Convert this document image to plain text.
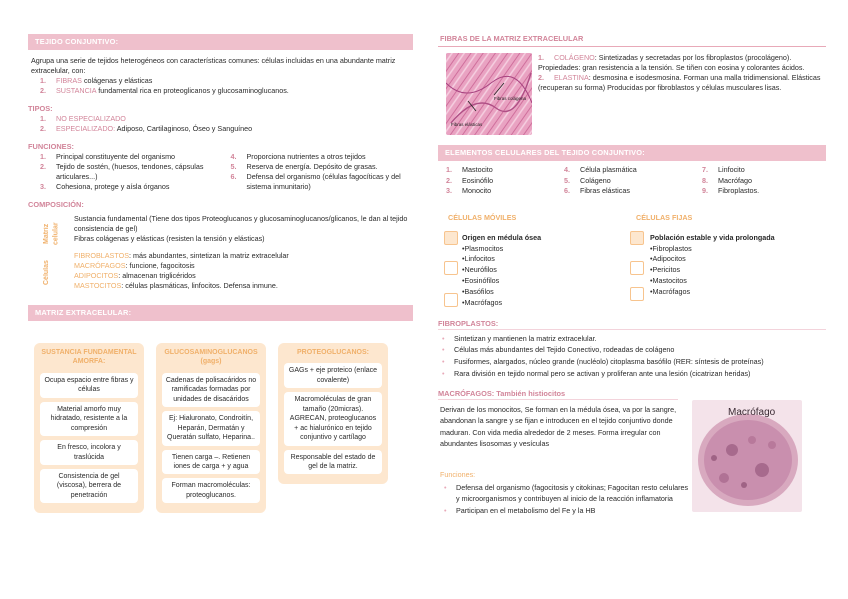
TEJIDO CONJUNTIVO:
Agrupa una serie de tejidos heterogéneos con características comunes: células incluidas en una abundante matriz extracelular, con:
1. FIBRAS colágenas y elásticas
2. SUSTANCIA fundamental rica en proteoglicanos y glucosaminoglucanos.
TIPOS:
1. NO ESPECIALIZADO
2. ESPECIALIZADO: Adiposo, Cartilaginoso, Óseo y Sanguíneo
FUNCIONES:
1.	Principal constituyente del organismo
2.	Tejido de sostén, (huesos, tendones, cápsulas articulares...)
3.	Cohesiona, protege y aísla órganos
4.	Proporciona nutrientes a otros tejidos
5.	Reserva de energía. Depósito de grasas.
6.	Defensa del organismo (células fagocíticas y del sistema inmunitario)
COMPOSICIÓN:
Matriz celular
Sustancia fundamental (Tiene dos tipos Proteoglucanos y glucosaminoglucanos/glicanos, le dan al tejido consistencia de gel)
Fibras colágenas y elásticas (resisten la tensión y elásticas)
Células
FIBROBLASTOS: más abundantes, sintetizan la matriz extracelular
MACRÓFAGOS: funcione, fagocitosis
ADIPOCITOS: almacenan triglicéridos
MASTOCITOS: células plasmáticas, linfocitos. Defensa inmune.
MATRIZ EXTRACELULAR:
SUSTANCIA FUNDAMENTAL AMORFA:
Ocupa espacio entre fibras y células
Material amorfo muy hidratado, resistente a la compresión
En fresco, incolora y traslúcida
Consistencia de gel (viscosa), berrera de penetración
GLUCOSAMINOGLUCANOS (gags)
Cadenas de polisacáridos no ramificadas formadas por unidades de disacáridos
Ej: Hialuronato, Condroitín, Heparán, Dermatán y Queratán sulfato, Heparina..
Tienen carga –. Retienen iones de carga + y agua
Forman macromoléculas: proteoglucanos.
PROTEOGLUCANOS:
GAGs + eje proteico (enlace covalente)
Macromoléculas de gran tamaño (20micras). AGRECAN, proteoglucanos + ac hialurónico en tejido conjuntivo y cartílago
Responsable del estado de gel de la matriz.
FIBRAS DE LA MATRIZ EXTRACELULAR
Fibras colágena
Fibras elásticas
1. COLÁGENO: Sintetizadas y secretadas por los fibroplastos (procolágeno). Propiedades: gran resistencia a la tensión. Se tiñen con eosina y colorantes ácidos.
2. ELASTINA: desmosina e isodesmosina. Forman una malla tridimensional. Elásticas (recuperan su forma) Producidas por fibroblastos y células musculares lisas.
ELEMENTOS CELULARES DEL TEJIDO CONJUNTIVO:
1. Mastocito
2. Eosinófilo
3. Monocito
4. Célula plasmática
5. Colágeno
6. Fibras elásticas
7. Linfocito
8. Macrófago
9. Fibroplastos.
CÉLULAS MÓVILES
Origen en médula ósea
•Plasmocitos
•Linfocitos
•Neurófilos
•Eosinófilos
•Basófilos
•Macrófagos
CÉLULAS FIJAS
Población estable y vida prolongada
•Fibroplastos
•Adipocitos
•Pericitos
•Mastocitos
•Macrófagos
FIBROPLASTOS:
• Sintetizan y mantienen la matriz extracelular.
• Células más abundantes del Tejido Conectivo, rodeadas de colágeno
• Fusiformes, alargados, núcleo grande (nucléolo) citoplasma basófilo (RER: síntesis de proteínas)
• Rara división en tejido normal pero se activan y proliferan ante una lesión (cicatrizan heridas)
MACRÓFAGOS: También histiocitos
Derivan de los monocitos, Se forman en la médula ósea, va por la sangre, abandonan la sangre y se fijan e introducen en el tejido conjuntivo donde maduran. Con vida media alrededor de 2 meses. Forma irregular con abundantes lisosomas y vesículas
Macrófago
Funciones:
•	Defensa del organismo (fagocitosis y citokinas; Fagocitan resto celulares y microorganismos y contribuyen al inicio de la reacción inflamatoria
•	Participan en el metabolismo del Fe y la HB
